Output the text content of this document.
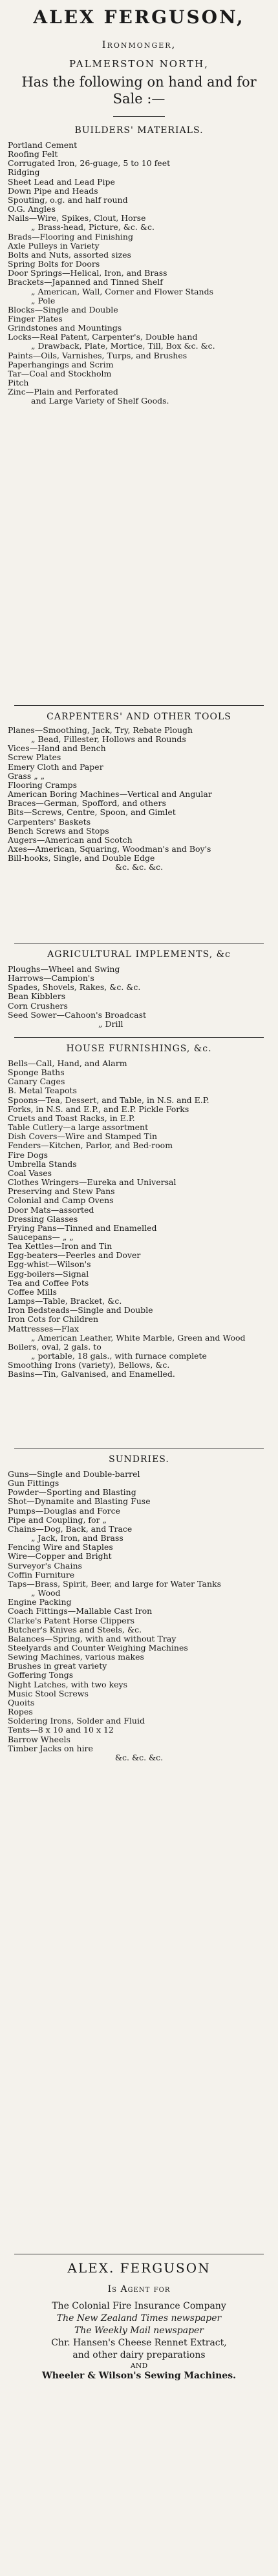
ALEX FERGUSON,
Ironmonger,
PALMERSTON NORTH,
Has the following on hand and for Sale :—
BUILDERS' MATERIALS.
Portland Cement
Roofing Felt
Corrugated Iron, 26-guage, 5 to 10 feet
Ridging
Sheet Lead and Lead Pipe
Down Pipe and Heads
Spouting, o.g. and half round
O.G. Angles
Nails—Wire, Spikes, Clout, Horse
„ Brass-head, Picture, &c. &c.
Brads—Flooring and Finishing
Axle Pulleys in Variety
Bolts and Nuts, assorted sizes
Spring Bolts for Doors
Door Springs—Helical, Iron, and Brass
Brackets—Japanned and Tinned Shelf
„ American, Wall, Corner and Flower Stands
„ Pole
Blocks—Single and Double
Finger Plates
Grindstones and Mountings
Locks—Real Patent, Carpenter's, Double hand
„ Drawback, Plate, Mortice, Till, Box &c. &c.
Paints—Oils, Varnishes, Turps, and Brushes
Paperhangings and Scrim
Tar—Coal and Stockholm
Pitch
Zinc—Plain and Perforated
and Large Variety of Shelf Goods.
CARPENTERS' AND OTHER TOOLS
Planes—Smoothing, Jack, Try, Rebate Plough
„ Bead, Fillester, Hollows and Rounds
Vices—Hand and Bench
Screw Plates
Emery Cloth and Paper
Grass „ „
Flooring Cramps
American Boring Machines—Vertical and Angular
Braces—German, Spofford, and others
Bits—Screws, Centre, Spoon, and Gimlet
Carpenters' Baskets
Bench Screws and Stops
Augers—American and Scotch
Axes—American, Squaring, Woodman's and Boy's
Bill-hooks, Single, and Double Edge
&c. &c. &c.
AGRICULTURAL IMPLEMENTS, &c
Ploughs—Wheel and Swing
Harrows—Campion's
Spades, Shovels, Rakes, &c. &c.
Bean Kibblers
Corn Crushers
Seed Sower—Cahoon's Broadcast
„ Drill
HOUSE FURNISHINGS, &c.
Bells—Call, Hand, and Alarm
Sponge Baths
Canary Cages
B. Metal Teapots
Spoons—Tea, Dessert, and Table, in N.S. and E.P.
Forks, in N.S. and E.P., and E.P. Pickle Forks
Cruets and Toast Racks, in E.P.
Table Cutlery—a large assortment
Dish Covers—Wire and Stamped Tin
Fenders—Kitchen, Parlor, and Bed-room
Fire Dogs
Umbrella Stands
Coal Vases
Clothes Wringers—Eureka and Universal
Preserving and Stew Pans
Colonial and Camp Ovens
Door Mats—assorted
Dressing Glasses
Frying Pans—Tinned and Enamelled
Saucepans— „ „
Tea Kettles—Iron and Tin
Egg-beaters—Peerles and Dover
Egg-whist—Wilson's
Egg-boilers—Signal
Tea and Coffee Pots
Coffee Mills
Lamps—Table, Bracket, &c.
Iron Bedsteads—Single and Double
Iron Cots for Children
Mattresses—Flax
„ American Leather, White Marble, Green and Wood
Boilers, oval, 2 gals. to
„ portable, 18 gals., with furnace complete
Smoothing Irons (variety), Bellows, &c.
Basins—Tin, Galvanised, and Enamelled.
SUNDRIES.
Guns—Single and Double-barrel
Gun Fittings
Powder—Sporting and Blasting
Shot—Dynamite and Blasting Fuse
Pumps—Douglas and Force
Pipe and Coupling, for „
Chains—Dog, Back, and Trace
„ Jack, Iron, and Brass
Fencing Wire and Staples
Wire—Copper and Bright
Surveyor's Chains
Coffin Furniture
Taps—Brass, Spirit, Beer, and large for Water Tanks
„ Wood
Engine Packing
Coach Fittings—Mallable Cast Iron
Clarke's Patent Horse Clippers
Butcher's Knives and Steels, &c.
Balances—Spring, with and without Tray
Steelyards and Counter Weighing Machines
Sewing Machines, various makes
Brushes in great variety
Goffering Tongs
Night Latches, with two keys
Music Stool Screws
Quoits
Ropes
Soldering Irons, Solder and Fluid
Tents—8 x 10 and 10 x 12
Barrow Wheels
Timber Jacks on hire
&c. &c. &c.
ALEX. FERGUSON
Is Agent for
The Colonial Fire Insurance Company
The New Zealand Times newspaper
The Weekly Mail newspaper
Chr. Hansen's Cheese Rennet Extract,
and other dairy preparations
AND
Wheeler & Wilson's Sewing Machines.
